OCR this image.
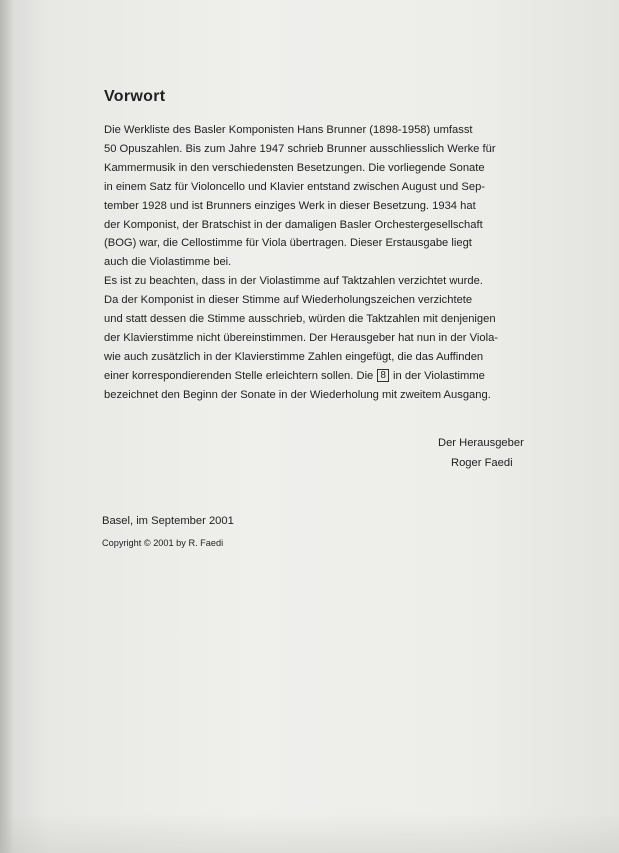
Vorwort
Die Werkliste des Basler Komponisten Hans Brunner (1898-1958) umfasst
50 Opuszahlen. Bis zum Jahre 1947 schrieb Brunner ausschliesslich Werke für
Kammermusik in den verschiedensten Besetzungen. Die vorliegende Sonate
in einem Satz für Violoncello und Klavier entstand zwischen August und Sep-
tember 1928 und ist Brunners einziges Werk in dieser Besetzung. 1934 hat
der Komponist, der Bratschist in der damaligen Basler Orchestergesellschaft
(BOG) war, die Cellostimme für Viola übertragen. Dieser Erstausgabe liegt
auch die Violastimme bei.
Es ist zu beachten, dass in der Violastimme auf Taktzahlen verzichtet wurde.
Da der Komponist in dieser Stimme auf Wiederholungszeichen verzichtete
und statt dessen die Stimme ausschrieb, würden die Taktzahlen mit denjenigen
der Klavierstimme nicht übereinstimmen. Der Herausgeber hat nun in der Viola-
wie auch zusätzlich in der Klavierstimme Zahlen eingefügt, die das Auffinden
einer korrespondierenden Stelle erleichtern sollen. Die 8 in der Violastimme
bezeichnet den Beginn der Sonate in der Wiederholung mit zweitem Ausgang.
Der Herausgeber
Roger Faedi
Basel, im September 2001
Copyright © 2001 by R. Faedi
